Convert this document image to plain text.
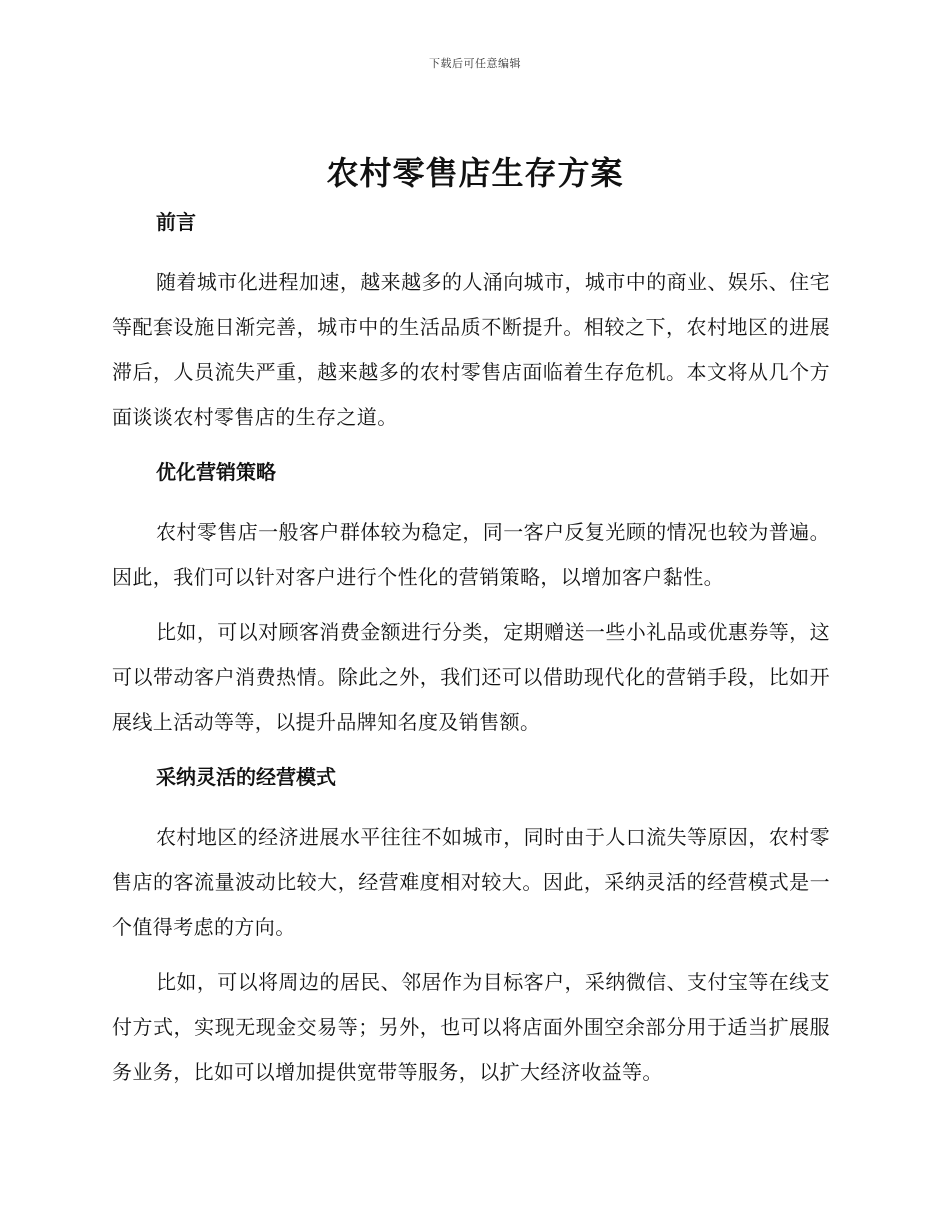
下载后可任意编辑
农村零售店生存方案
前言

随着城市化进程加速，越来越多的人涌向城市，城市中的商业、娱乐、住宅等配套设施日渐完善，城市中的生活品质不断提升。相较之下，农村地区的进展滞后，人员流失严重，越来越多的农村零售店面临着生存危机。本文将从几个方面谈谈农村零售店的生存之道。

优化营销策略

农村零售店一般客户群体较为稳定，同一客户反复光顾的情况也较为普遍。因此，我们可以针对客户进行个性化的营销策略，以增加客户黏性。

比如，可以对顾客消费金额进行分类，定期赠送一些小礼品或优惠券等，这可以带动客户消费热情。除此之外，我们还可以借助现代化的营销手段，比如开展线上活动等等，以提升品牌知名度及销售额。

采纳灵活的经营模式

农村地区的经济进展水平往往不如城市，同时由于人口流失等原因，农村零售店的客流量波动比较大，经营难度相对较大。因此，采纳灵活的经营模式是一个值得考虑的方向。

比如，可以将周边的居民、邻居作为目标客户，采纳微信、支付宝等在线支付方式，实现无现金交易等；另外，也可以将店面外围空余部分用于适当扩展服务业务，比如可以增加提供宽带等服务，以扩大经济收益等。
